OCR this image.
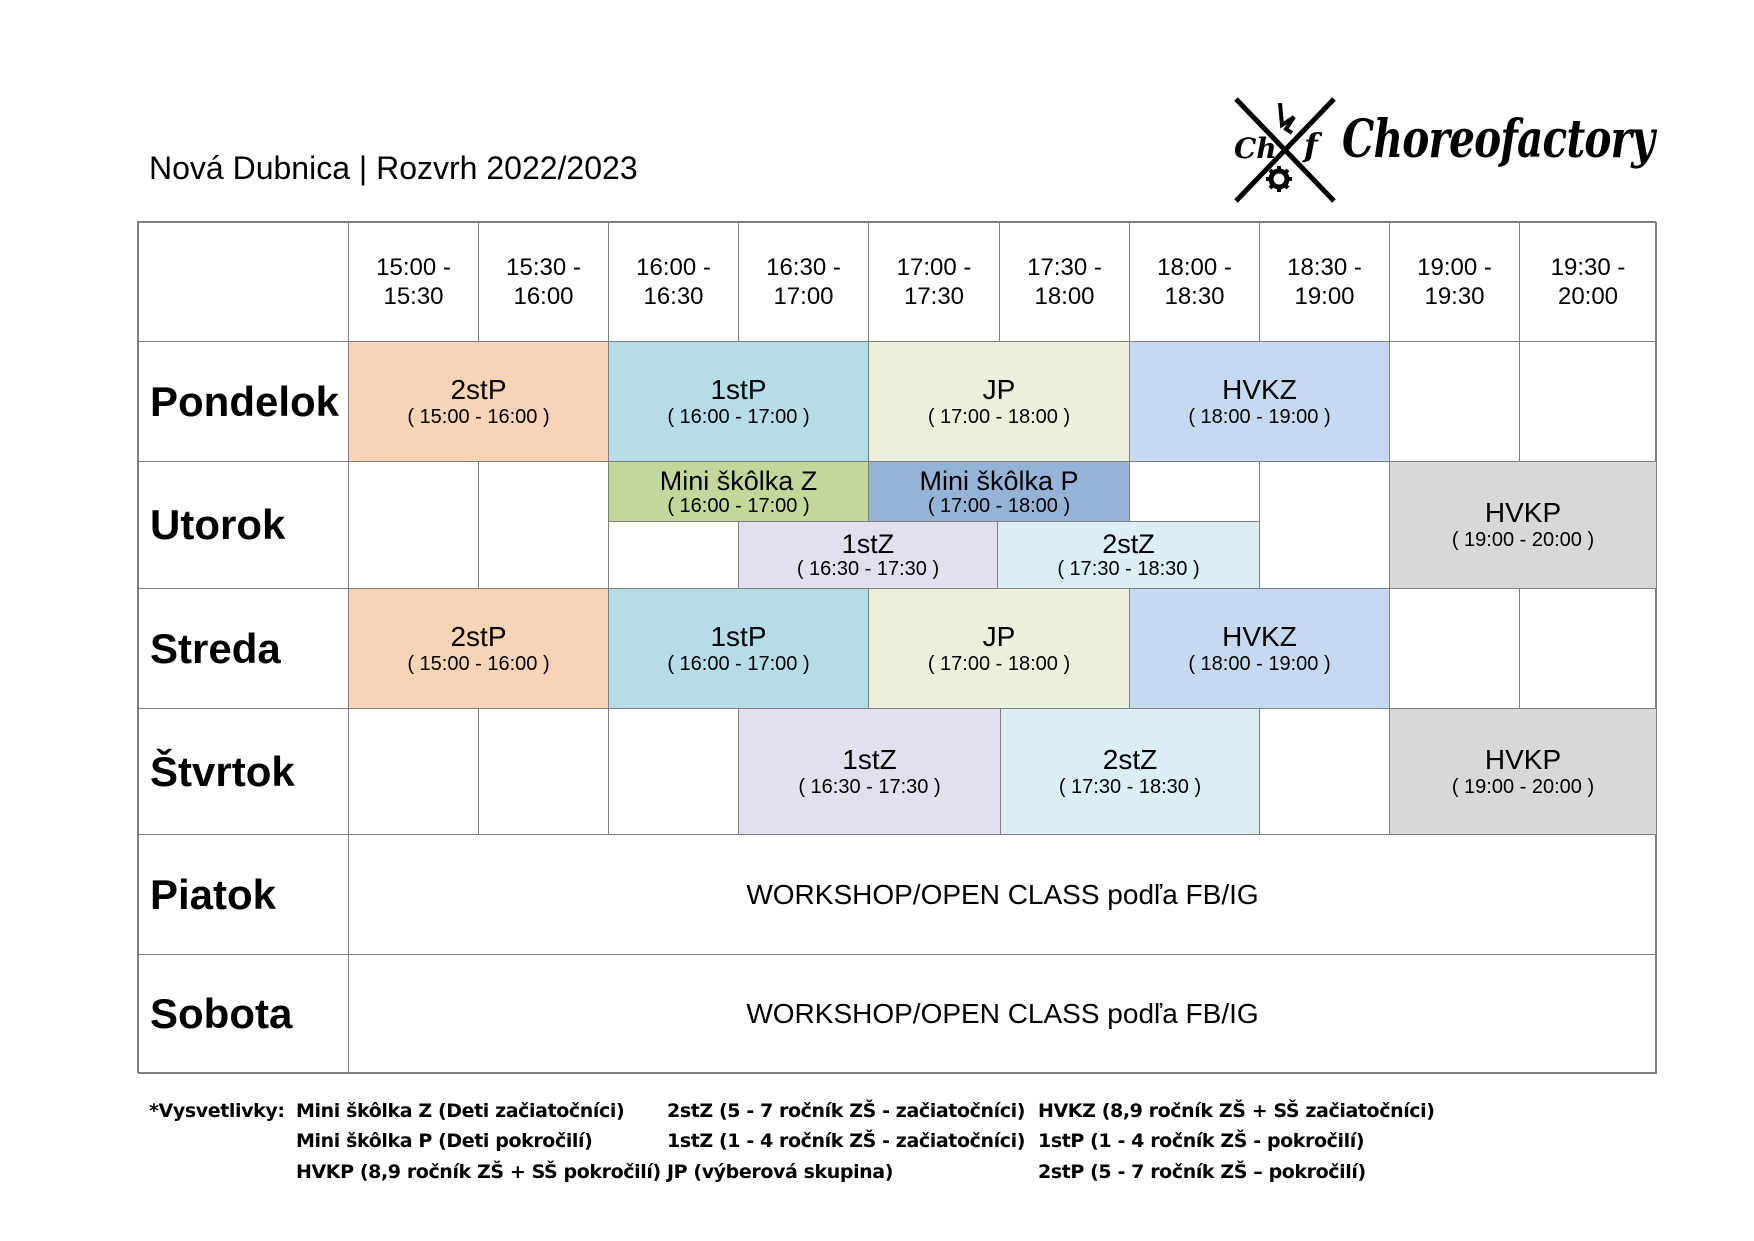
Nová Dubnica | Rozvrh 2022/2023
Ch f Choreofactory
15:00 -
15:30
15:30 -
16:00
16:00 -
16:30
16:30 -
17:00
17:00 -
17:30
17:30 -
18:00
18:00 -
18:30
18:30 -
19:00
19:00 -
19:30
19:30 -
20:00
Pondelok
Utorok
Streda
Štvrtok
Piatok
Sobota
2stP
( 15:00 - 16:00 )
1stP
( 16:00 - 17:00 )
JP
( 17:00 - 18:00 )
HVKZ
( 18:00 - 19:00 )
Mini škôlka Z
( 16:00 - 17:00 )
Mini škôlka P
( 17:00 - 18:00 )
1stZ
( 16:30 - 17:30 )
2stZ
( 17:30 - 18:30 )
HVKP
( 19:00 - 20:00 )
2stP
( 15:00 - 16:00 )
1stP
( 16:00 - 17:00 )
JP
( 17:00 - 18:00 )
HVKZ
( 18:00 - 19:00 )
1stZ
( 16:30 - 17:30 )
2stZ
( 17:30 - 18:30 )
HVKP
( 19:00 - 20:00 )
WORKSHOP/OPEN CLASS podľa FB/IG
WORKSHOP/OPEN CLASS podľa FB/IG
*Vysvetlivky: Mini škôlka Z (Deti začiatočníci)
Mini škôlka P (Deti pokročilí)
HVKP (8,9 ročník ZŠ + SŠ pokročilí)
2stZ (5 - 7 ročník ZŠ - začiatočníci)
1stZ (1 - 4 ročník ZŠ - začiatočníci)
JP (výberová skupina)
HVKZ (8,9 ročník ZŠ + SŠ začiatočníci)
1stP (1 - 4 ročník ZŠ - pokročilí)
2stP (5 - 7 ročník ZŠ – pokročilí)
